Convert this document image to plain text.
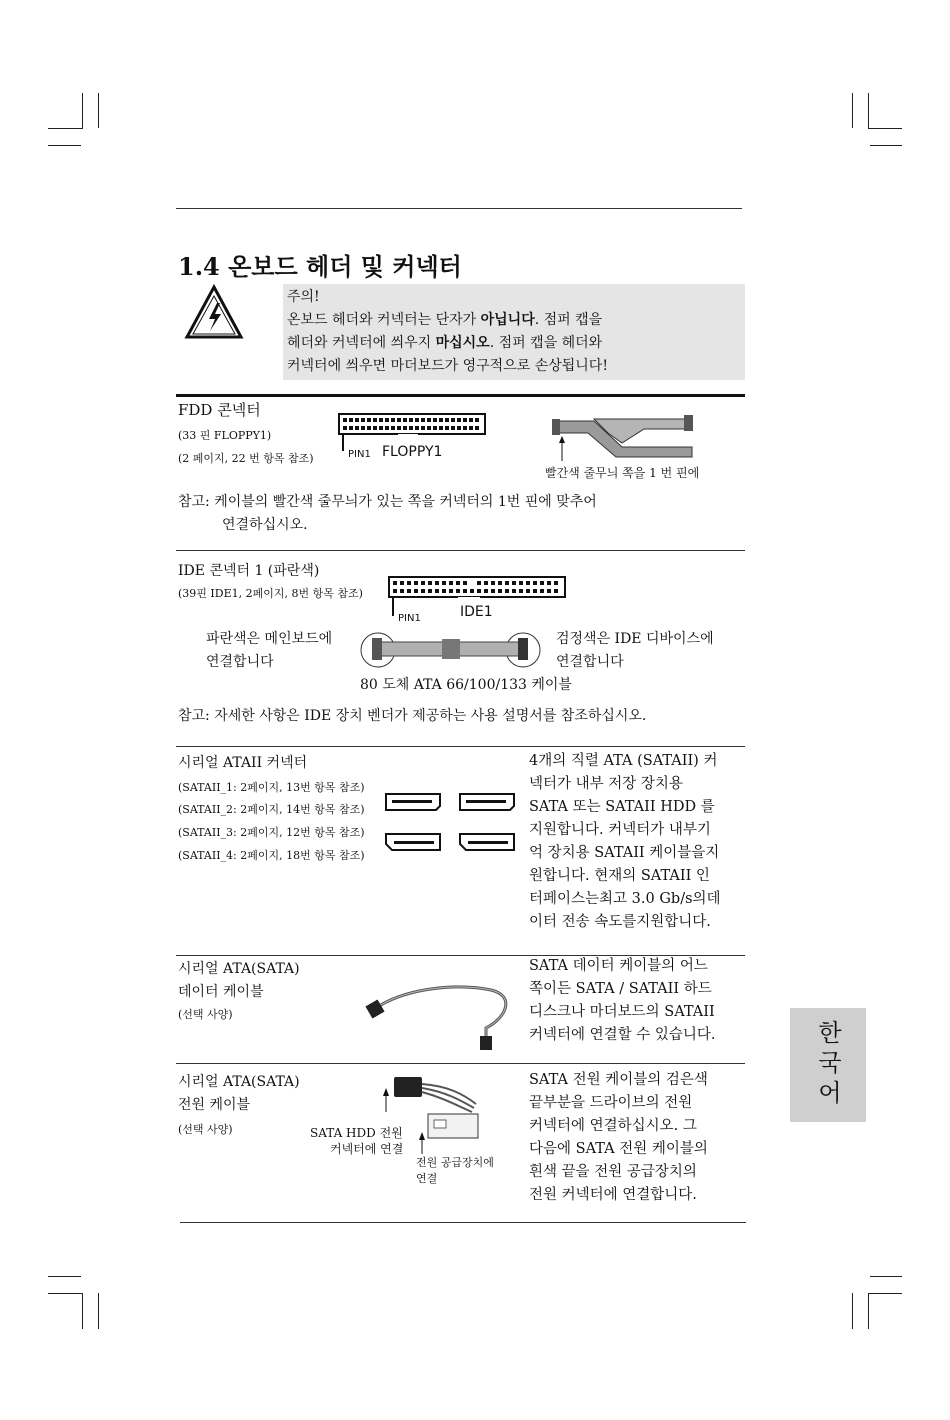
1.4 온보드 헤더 및 커넥터
주의!
온보드 헤더와 커넥터는 단자가 아닙니다. 점퍼 캡을
헤더와 커넥터에 씌우지 마십시오. 점퍼 캡을 헤더와
커넥터에 씌우면 마더보드가 영구적으로 손상됩니다!
FDD 콘넥터
(33 핀 FLOPPY1)
(2 페이지, 22 번 항목 참조)	PIN1 FLOPPY1
빨간색 줄무늬 쪽을 1 번 핀에
참고: 케이블의 빨간색 줄무늬가 있는 쪽을 커넥터의 1번 핀에 맞추어
연결하십시오.
IDE 콘넥터 1 (파란색)
(39핀 IDE1, 2페이지, 8번 항목 참조)
PIN1	IDE1
파란색은 메인보드에
연결합니다
검정색은 IDE 디바이스에
연결합니다
80 도체 ATA 66/100/133 케이블
참고: 자세한 사항은 IDE 장치 벤더가 제공하는 사용 설명서를 참조하십시오.
시리얼 ATAII 커넥터
(SATAII_1: 2페이지, 13번 항목 참조)
(SATAII_2: 2페이지, 14번 항목 참조)
(SATAII_3: 2페이지, 12번 항목 참조)
(SATAII_4: 2페이지, 18번 항목 참조)
4개의 직렬 ATA (SATAII) 커
넥터가 내부 저장 장치용
SATA 또는 SATAII HDD 를
지원합니다. 커넥터가 내부기
억 장치용 SATAII 케이블을지
원합니다. 현재의 SATAII 인
터페이스는최고 3.0 Gb/s의데
이터 전송 속도를지원합니다.
시리얼 ATA(SATA)
데이터 케이블
(선택 사양)
SATA 데이터 케이블의 어느
쪽이든 SATA / SATAII 하드
디스크나 마더보드의 SATAII
커넥터에 연결할 수 있습니다.
시리얼 ATA(SATA)
전원 케이블
(선택 사양)	SATA HDD 전원
커넥터에 연결
전원 공급장치에
연결
SATA 전원 케이블의 검은색
끝부분을 드라이브의 전원
커넥터에 연결하십시오. 그
다음에 SATA 전원 케이블의
흰색 끝을 전원 공급장치의
전원 커넥터에 연결합니다.
한국어
